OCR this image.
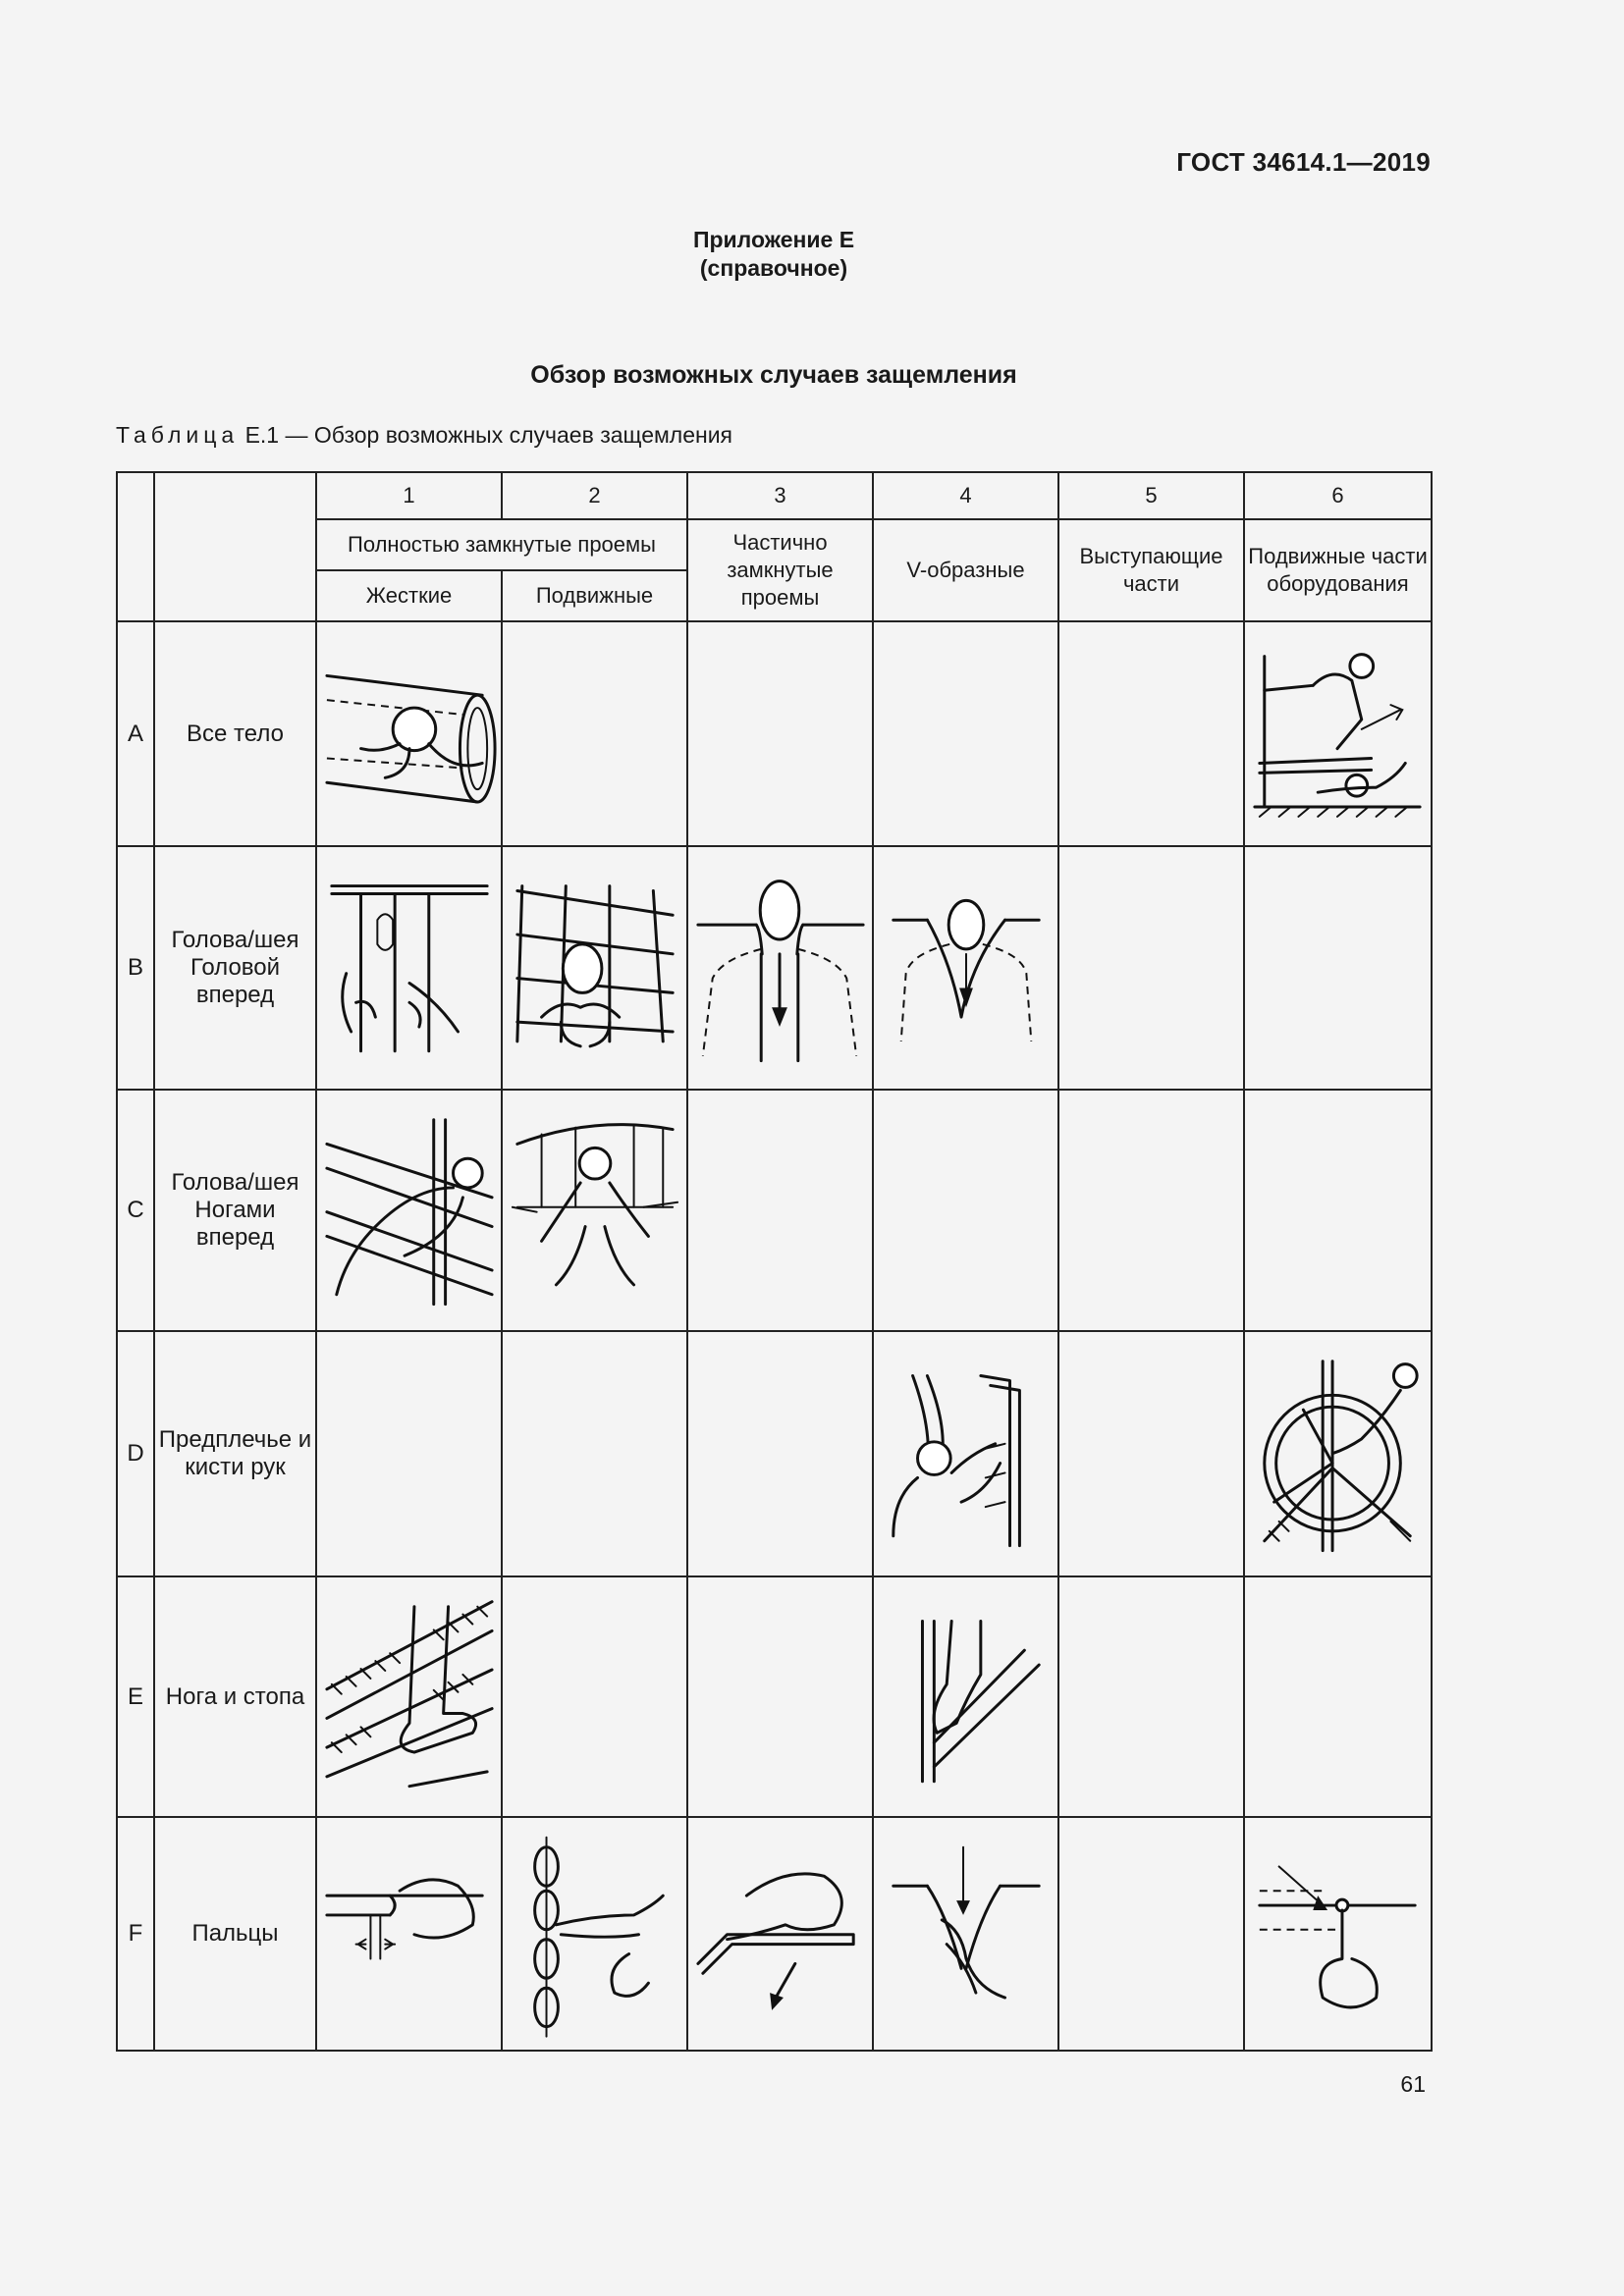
ГОСТ 34614.1—2019
Приложение Е
(справочное)
Обзор возможных случаев защемления
Таблица Е.1 — Обзор возможных случаев защемления
		1	2	3	4	5	6
		Полностью замкнутые проемы		Частично замкнутые проемы	V-образные	Выступающие части	Подвижные части оборудования
		Жесткие	Подвижные				
А	Все тело	

В	Голова/шея Головой вперед	

С	Голова/шея Ногами вперед	

D	Предплечье и кисти рук				

Е	Нога и стопа	

F	Пальцы	

61
